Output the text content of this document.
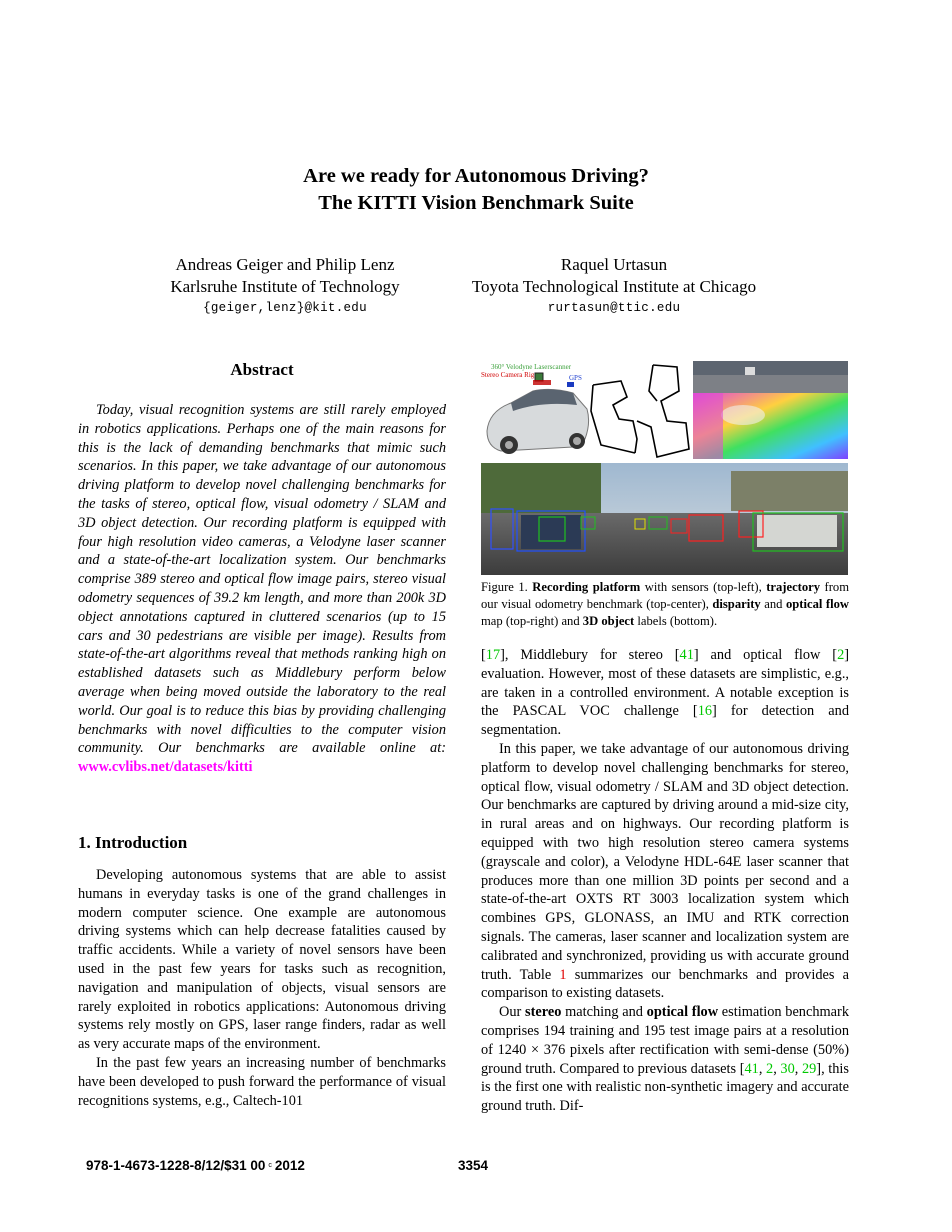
Are we ready for Autonomous Driving?
The KITTI Vision Benchmark Suite
Andreas Geiger and Philip Lenz
Karlsruhe Institute of Technology
{geiger,lenz}@kit.edu
Raquel Urtasun
Toyota Technological Institute at Chicago
rurtasun@ttic.edu
Abstract

Today, visual recognition systems are still rarely employed in robotics applications. Perhaps one of the main reasons for this is the lack of demanding benchmarks that mimic such scenarios. In this paper, we take advantage of our autonomous driving platform to develop novel challenging benchmarks for the tasks of stereo, optical flow, visual odometry / SLAM and 3D object detection. Our recording platform is equipped with four high resolution video cameras, a Velodyne laser scanner and a state-of-the-art localization system. Our benchmarks comprise 389 stereo and optical flow image pairs, stereo visual odometry sequences of 39.2 km length, and more than 200k 3D object annotations captured in cluttered scenarios (up to 15 cars and 30 pedestrians are visible per image). Results from state-of-the-art algorithms reveal that methods ranking high on established datasets such as Middlebury perform below average when being moved outside the laboratory to the real world. Our goal is to reduce this bias by providing challenging benchmarks with novel difficulties to the computer vision community. Our benchmarks are available online at: www.cvlibs.net/datasets/kitti

1. Introduction

Developing autonomous systems that are able to assist humans in everyday tasks is one of the grand challenges in modern computer science. One example are autonomous driving systems which can help decrease fatalities caused by traffic accidents. While a variety of novel sensors have been used in the past few years for tasks such as recognition, navigation and manipulation of objects, visual sensors are rarely exploited in robotics applications: Autonomous driving systems rely mostly on GPS, laser range finders, radar as well as very accurate maps of the environment.

In the past few years an increasing number of benchmarks have been developed to push forward the performance of visual recognitions systems, e.g., Caltech-101

360° Velodyne Laserscanner
Stereo Camera Rig	GPS
Figure 1. Recording platform with sensors (top-left), trajectory from our visual odometry benchmark (top-center), disparity and optical flow map (top-right) and 3D object labels (bottom).

[17], Middlebury for stereo [41] and optical flow [2] evaluation. However, most of these datasets are simplistic, e.g., are taken in a controlled environment. A notable exception is the PASCAL VOC challenge [16] for detection and segmentation.

In this paper, we take advantage of our autonomous driving platform to develop novel challenging benchmarks for stereo, optical flow, visual odometry / SLAM and 3D object detection. Our benchmarks are captured by driving around a mid-size city, in rural areas and on highways. Our recording platform is equipped with two high resolution stereo camera systems (grayscale and color), a Velodyne HDL-64E laser scanner that produces more than one million 3D points per second and a state-of-the-art OXTS RT 3003 localization system which combines GPS, GLONASS, an IMU and RTK correction signals. The cameras, laser scanner and localization system are calibrated and synchronized, providing us with accurate ground truth. Table 1 summarizes our benchmarks and provides a comparison to existing datasets.

Our stereo matching and optical flow estimation benchmark comprises 194 training and 195 test image pairs at a resolution of 1240 × 376 pixels after rectification with semi-dense (50%) ground truth. Compared to previous datasets [41, 2, 30, 29], this is the first one with realistic non-synthetic imagery and accurate ground truth. Dif-

978-1-4673-1228-8/12/$31 00 $^c$ 2012	3354
